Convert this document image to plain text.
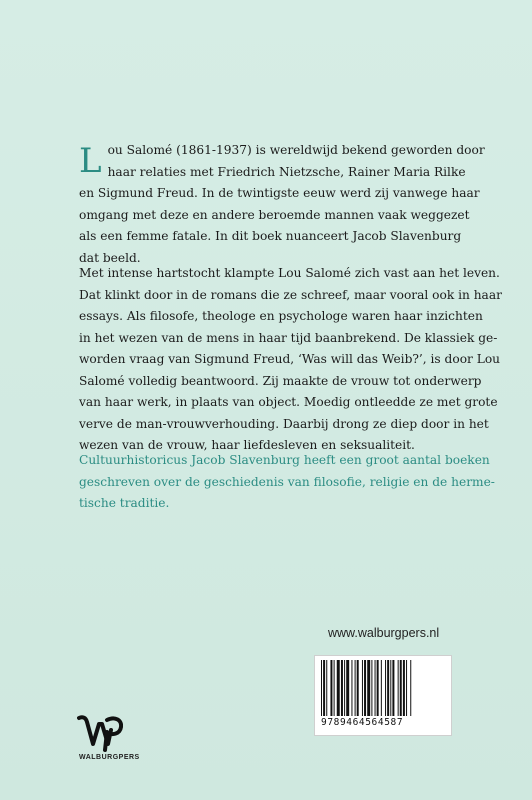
L ou Salomé (1861-1937) is wereldwijd bekend geworden door
haar relaties met Friedrich Nietzsche, Rainer Maria Rilke
en Sigmund Freud. In de twintigste eeuw werd zij vanwege haar
omgang met deze en andere beroemde mannen vaak weggezet
als een femme fatale. In dit boek nuanceert Jacob Slavenburg
dat beeld.
Met intense hartstocht klampte Lou Salomé zich vast aan het leven.
Dat klinkt door in de romans die ze schreef, maar vooral ook in haar
essays. Als filosofe, theologe en psychologe waren haar inzichten
in het wezen van de mens in haar tijd baanbrekend. De klassiek ge-
worden vraag van Sigmund Freud, ‘Was will das Weib?’, is door Lou
Salomé volledig beantwoord. Zij maakte de vrouw tot onderwerp
van haar werk, in plaats van object. Moedig ontleedde ze met grote
verve de man-vrouwverhouding. Daarbij drong ze diep door in het
wezen van de vrouw, haar liefdesleven en seksualiteit.
Cultuurhistoricus Jacob Slavenburg heeft een groot aantal boeken
geschreven over de geschiedenis van filosofie, religie en de herme-
tische traditie.
www.walburgpers.nl
9789464564587
WALBURGPERS
